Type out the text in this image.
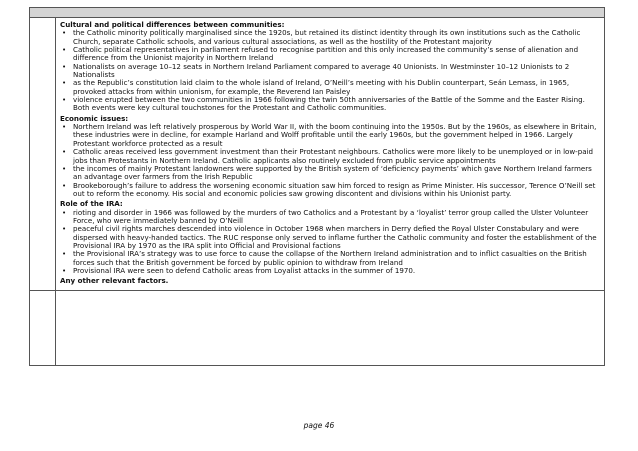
Cultural and political differences between communities:

• the Catholic minority politically marginalised since the 1920s, but retained its distinct identity through its own institutions such as the Catholic Church, separate Catholic schools, and various cultural associations, as well as the hostility of the Protestant majority
• Catholic political representatives in parliament refused to recognise partition and this only increased the community’s sense of alienation and difference from the Unionist majority in Northern Ireland
• Nationalists on average 10–12 seats in Northern Ireland Parliament compared to average 40 Unionists. In Westminster 10–12 Unionists to 2 Nationalists
• as the Republic’s constitution laid claim to the whole island of Ireland, O’Neill’s meeting with his Dublin counterpart, Seán Lemass, in 1965, provoked attacks from within unionism, for example, the Reverend Ian Paisley
• violence erupted between the two communities in 1966 following the twin 50th anniversaries of the Battle of the Somme and the Easter Rising. Both events were key cultural touchstones for the Protestant and Catholic communities.

Economic issues:

• Northern Ireland was left relatively prosperous by World War II, with the boom continuing into the 1950s. But by the 1960s, as elsewhere in Britain, these industries were in decline, for example Harland and Wolff profitable until the early 1960s, but the government helped in 1966. Largely Protestant workforce protected as a result
• Catholic areas received less government investment than their Protestant neighbours. Catholics were more likely to be unemployed or in low-paid jobs than Protestants in Northern Ireland. Catholic applicants also routinely excluded from public service appointments
• the incomes of mainly Protestant landowners were supported by the British system of ‘deficiency payments’ which gave Northern Ireland farmers an advantage over farmers from the Irish Republic
• Brookeborough’s failure to address the worsening economic situation saw him forced to resign as Prime Minister. His successor, Terence O’Neill set out to reform the economy. His social and economic policies saw growing discontent and divisions within his Unionist party.

Role of the IRA:

• rioting and disorder in 1966 was followed by the murders of two Catholics and a Protestant by a ‘loyalist’ terror group called the Ulster Volunteer Force, who were immediately banned by O’Neill
• peaceful civil rights marches descended into violence in October 1968 when marchers in Derry defied the Royal Ulster Constabulary and were dispersed with heavy-handed tactics. The RUC response only served to inflame further the Catholic community and foster the establishment of the Provisional IRA by 1970 as the IRA split into Official and Provisional factions
• the Provisional IRA’s strategy was to use force to cause the collapse of the Northern Ireland administration and to inflict casualties on the British forces such that the British government be forced by public opinion to withdraw from Ireland
• Provisional IRA were seen to defend Catholic areas from Loyalist attacks in the summer of 1970.

Any other relevant factors.

page 46
